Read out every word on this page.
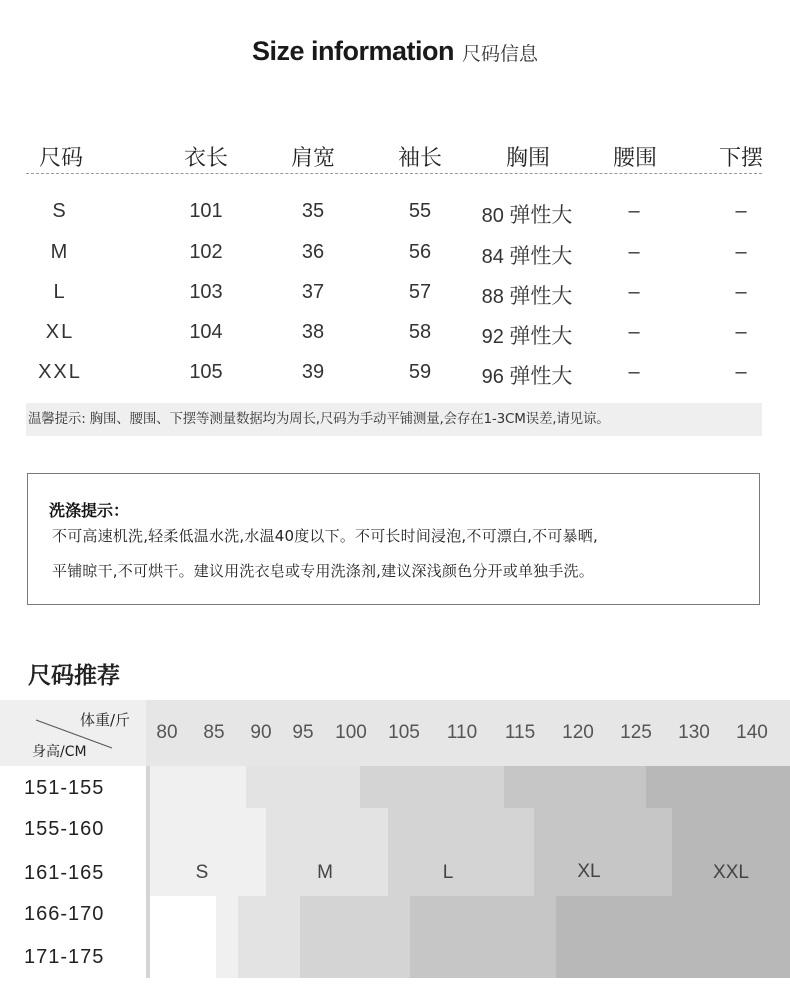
Size information 尺码信息
尺码	衣长	肩宽	袖长	胸围	腰围	下摆
S	101	35	55	80 弹性大	–	–
M	102	36	56	84 弹性大	–	–
L	103	37	57	88 弹性大	–	–
XL	104	38	58	92 弹性大	–	–
XXL	105	39	59	96 弹性大	–	–
温馨提示: 胸围、腰围、下摆等测量数据均为周长,尺码为手动平铺测量,会存在1-3CM误差,请见谅。
洗涤提示：
不可高速机洗,轻柔低温水洗,水温40度以下。不可长时间浸泡,不可漂白,不可暴晒,
平铺晾干,不可烘干。建议用洗衣皂或专用洗涤剂,建议深浅颜色分开或单独手洗。
尺码推荐
体重/斤
身高/CM
80 85 90 95 100 105 110 115 120 125 130 140
151-155
155-160
161-165
166-170
171-175
S	M	L	XL	XXL
